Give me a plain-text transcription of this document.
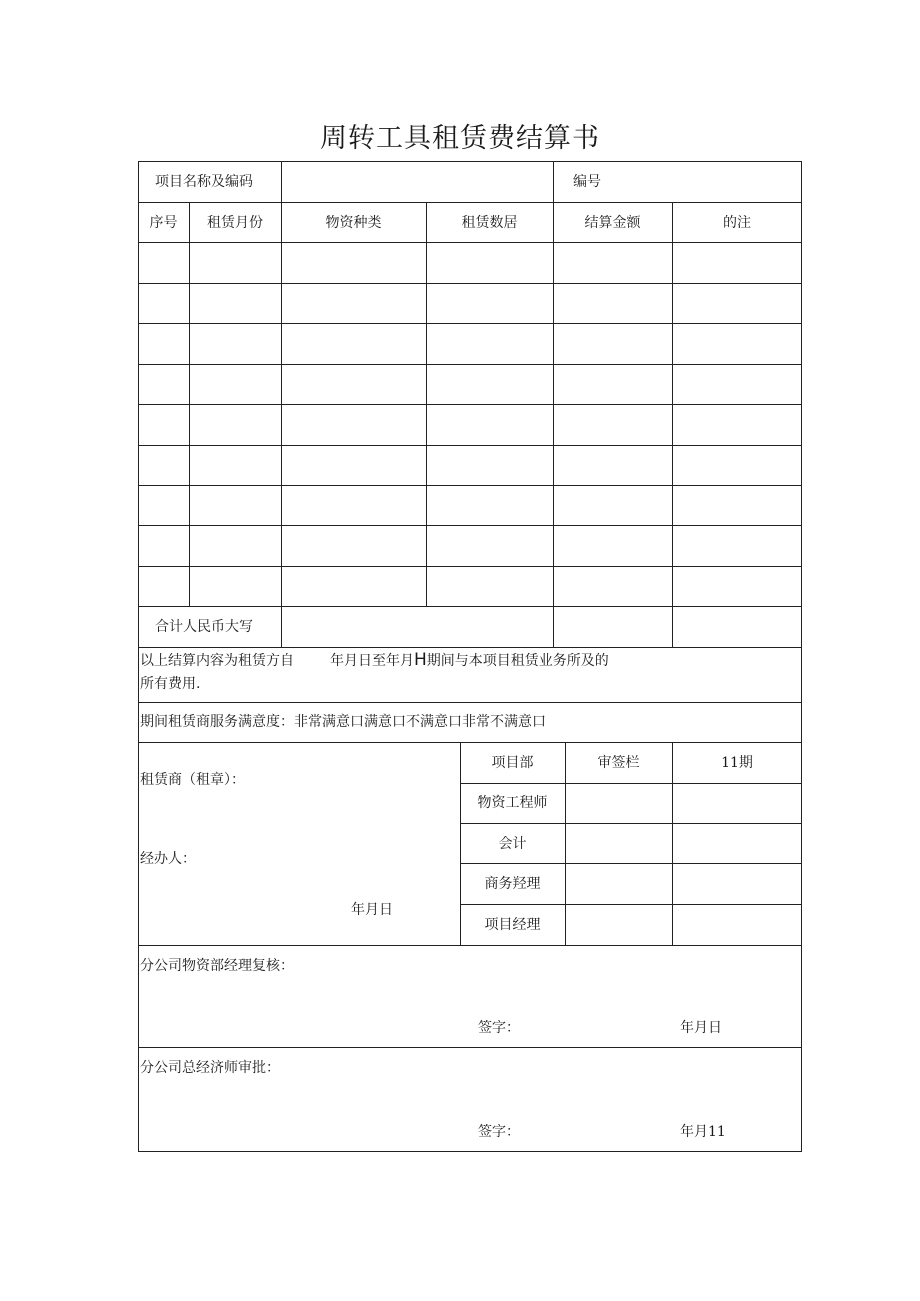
周转工具租赁费结算书
项目名称及编码	编号
序号	租赁月份	物资种类	租赁数居	结算金额	的注
合计人民币大写
以上结算内容为租赁方自	年月日至年月H期间与本项目租赁业务所及的
所有费用.
期间租赁商服务满意度：非常满意口满意口不满意口非常不满意口
租赁商（租章）：
经办人：
年月日
项目部	审签栏	11期
物资工程师
会计
商务羟理
项目经理
分公司物资部经理复核：
签字：	年月日
分公司总经济师审批：
签字：	年月11
